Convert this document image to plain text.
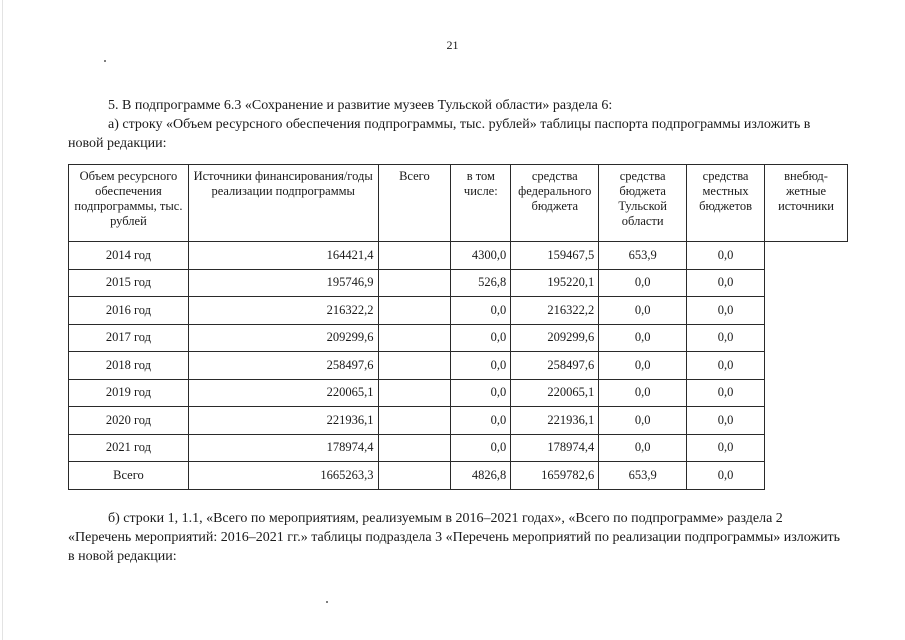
21
5. В подпрограмме 6.3 «Сохранение и развитие музеев Тульской области» раздела 6:
а) строку «Объем ресурсного обеспечения подпрограммы, тыс. рублей» таблицы паспорта подпрограммы изложить в новой редакции:
Объем ресурсного обеспечения подпрограммы, тыс. рублей	Источники финансирования/годы реализации подпрограммы	Всего	в том числе:	средства федерального бюджета	средства бюджета Тульской области	средства местных бюджетов	внебюд-жетные источники
2014 год	164421,4		4300,0	159467,5	653,9	0,0	
2015 год	195746,9		526,8	195220,1	0,0	0,0	
2016 год	216322,2		0,0	216322,2	0,0	0,0	
2017 год	209299,6		0,0	209299,6	0,0	0,0	
2018 год	258497,6		0,0	258497,6	0,0	0,0	
2019 год	220065,1		0,0	220065,1	0,0	0,0	
2020 год	221936,1		0,0	221936,1	0,0	0,0	
2021 год	178974,4		0,0	178974,4	0,0	0,0	
Всего	1665263,3		4826,8	1659782,6	653,9	0,0	
б) строки 1, 1.1, «Всего по мероприятиям, реализуемым в 2016–2021 годах», «Всего по подпрограмме» раздела 2 «Перечень мероприятий: 2016–2021 гг.» таблицы подраздела 3 «Перечень мероприятий по реализации подпрограммы» изложить в новой редакции:
